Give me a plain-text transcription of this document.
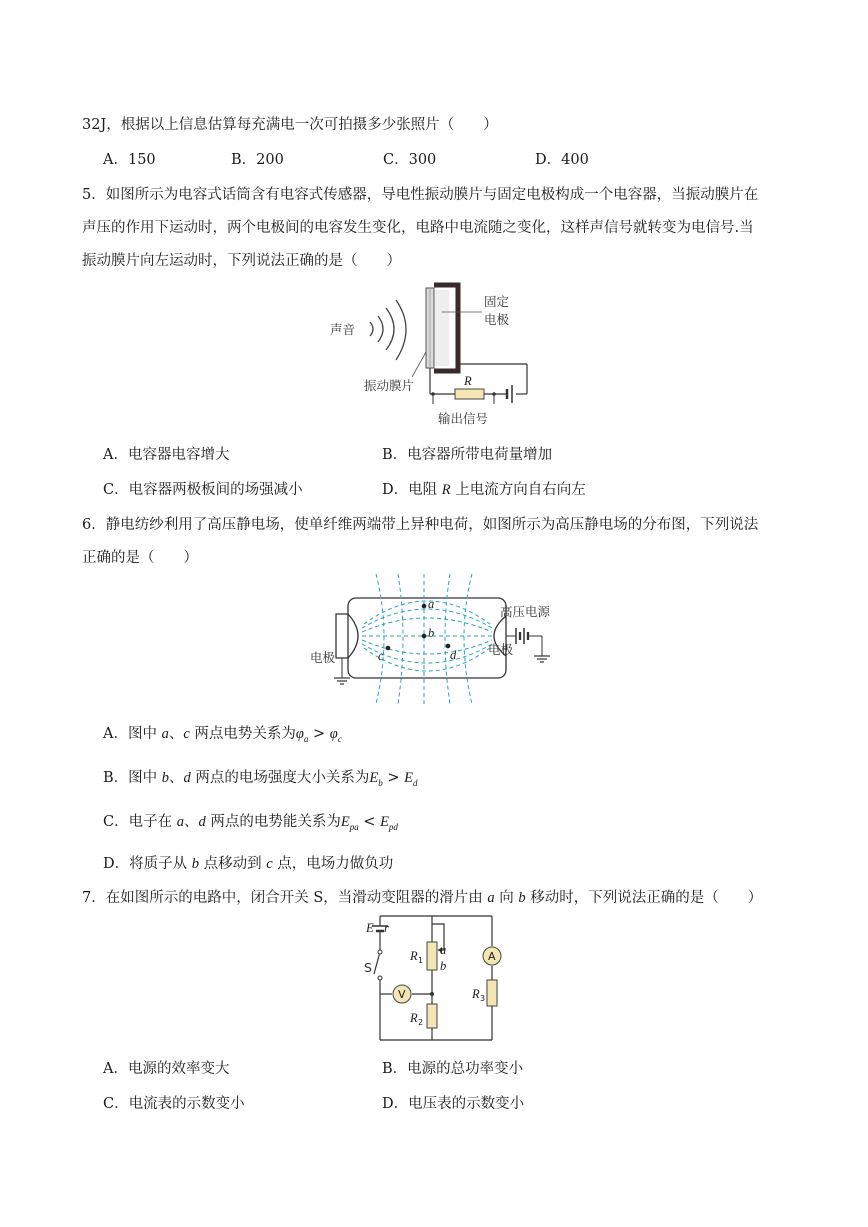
32J，根据以上信息估算每充满电一次可拍摄多少张照片（　　）
A．150	B．200	C．300	D．400
5．如图所示为电容式话筒含有电容式传感器，导电性振动膜片与固定电极构成一个电容器，当振动膜片在
声压的作用下运动时，两个电极间的电容发生变化，电路中电流随之变化，这样声信号就转变为电信号.当
振动膜片向左运动时，下列说法正确的是（　　）
声音
固定
电极
R
振动膜片
输出信号
A．电容器电容增大	B．电容器所带电荷量增加
C．电容器两极板间的场强减小	D．电阻 R 上电流方向自右向左
6．静电纺纱利用了高压静电场，使单纤维两端带上异种电荷，如图所示为高压静电场的分布图，下列说法
正确的是（　　）
电极
高压电源
电极
a
b
c	d
A．图中 a、c 两点电势关系为$\varphi_a > \varphi_c$
B．图中 b、d 两点的电场强度大小关系为$E_b > E_d$
C．电子在 a、d 两点的电势能关系为$E_{pa} < E_{pd}$
D．将质子从 b 点移动到 c 点，电场力做负功
7．在如图所示的电路中，闭合开关 S，当滑动变阻器的滑片由 a 向 b 移动时，下列说法正确的是（　　）
V
A
E r
S
a
b
R 1
R 2
R 3
A．电源的效率变大	B．电源的总功率变小
C．电流表的示数变小	D．电压表的示数变小
